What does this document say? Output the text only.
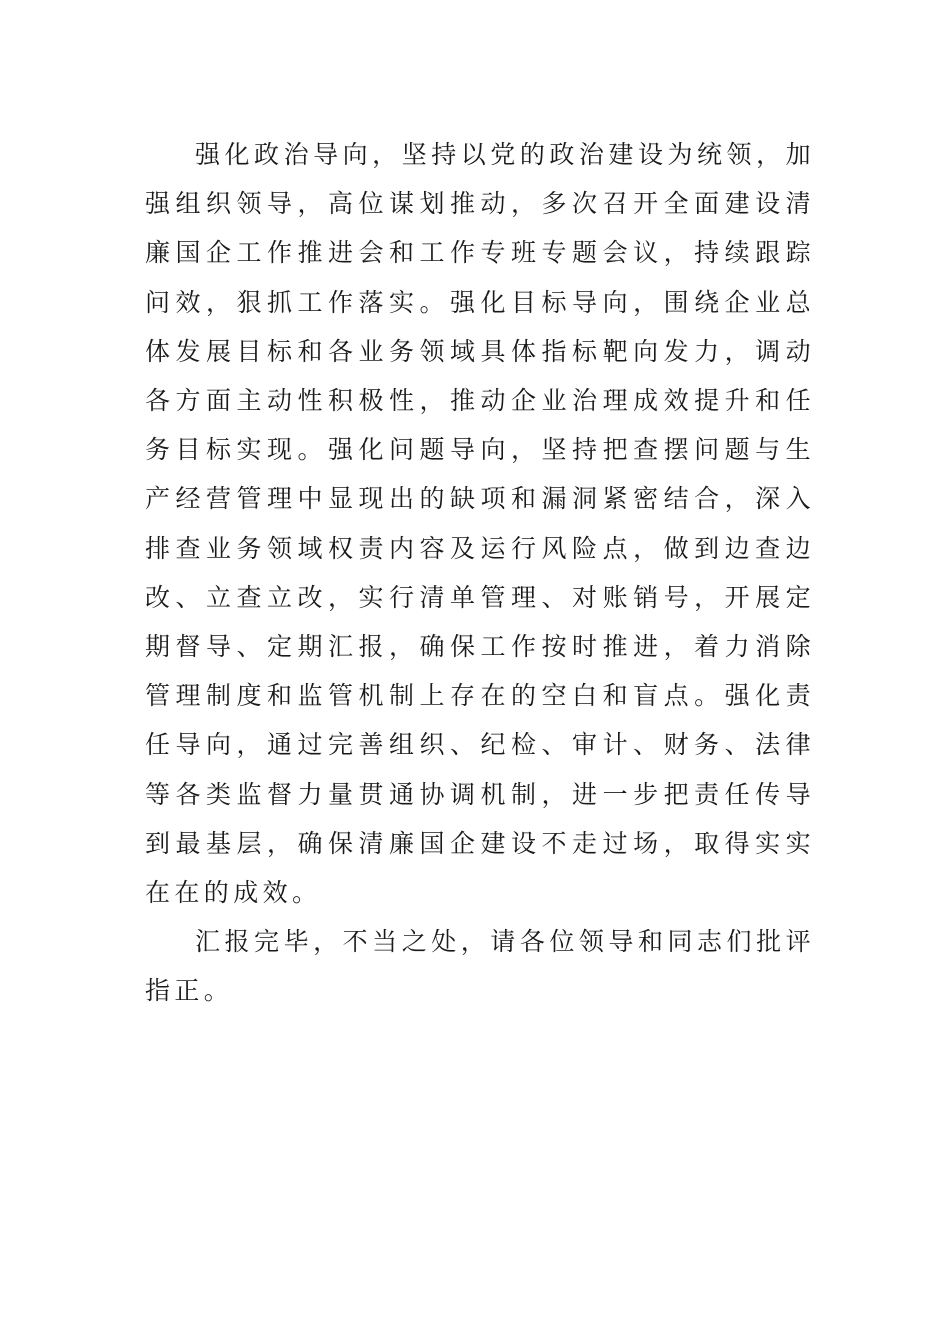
强化政治导向，坚持以党的政治建设为统领，加强组织领导，高位谋划推动，多次召开全面建设清廉国企工作推进会和工作专班专题会议，持续跟踪问效，狠抓工作落实。强化目标导向，围绕企业总体发展目标和各业务领域具体指标靶向发力，调动各方面主动性积极性，推动企业治理成效提升和任务目标实现。强化问题导向，坚持把查摆问题与生产经营管理中显现出的缺项和漏洞紧密结合，深入排查业务领域权责内容及运行风险点，做到边查边改、立查立改，实行清单管理、对账销号，开展定期督导、定期汇报，确保工作按时推进，着力消除管理制度和监管机制上存在的空白和盲点。强化责任导向，通过完善组织、纪检、审计、财务、法律等各类监督力量贯通协调机制，进一步把责任传导到最基层，确保清廉国企建设不走过场，取得实实在在的成效。

汇报完毕，不当之处，请各位领导和同志们批评指正。
